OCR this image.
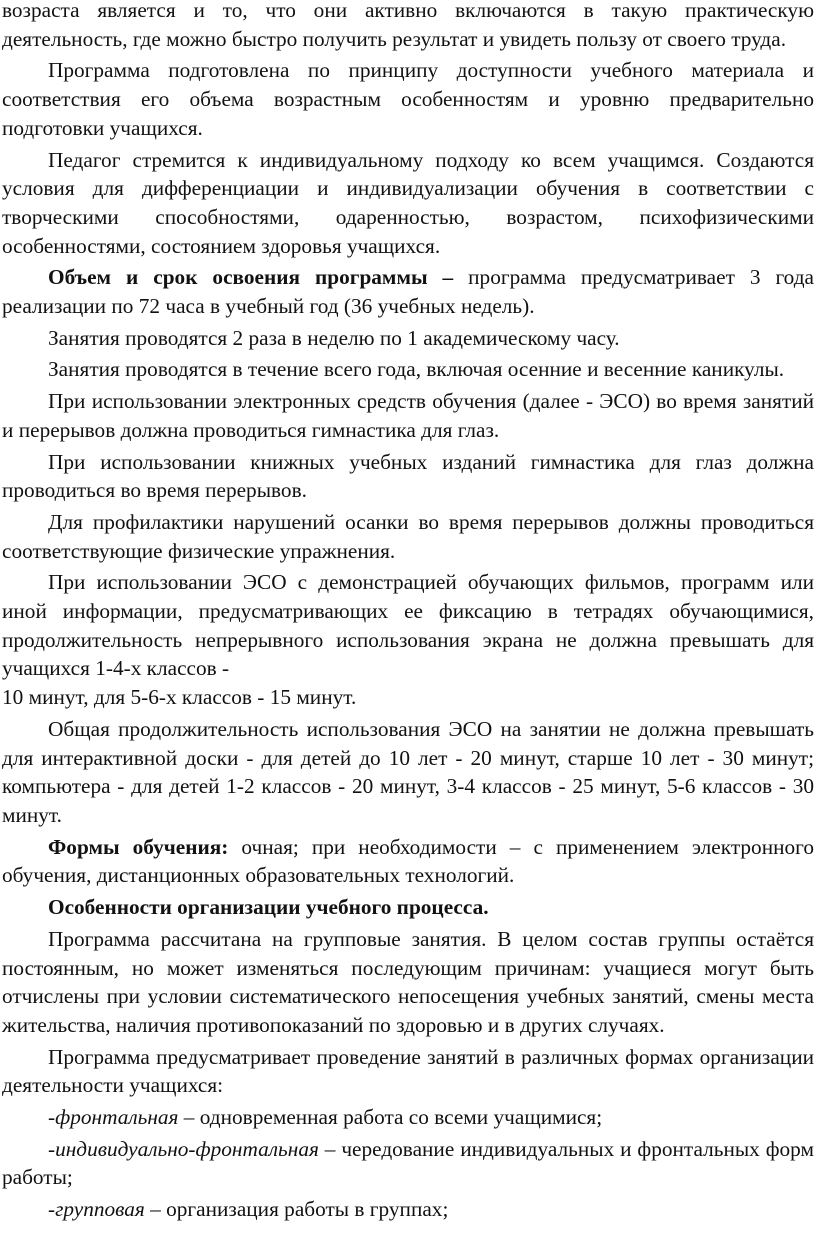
возраста является и то, что они активно включаются в такую практическую деятельность, где можно быстро получить результат и увидеть пользу от своего труда.

Программа подготовлена по принципу доступности учебного материала и соответствия его объема возрастным особенностям и уровню предварительно подготовки учащихся.

Педагог стремится к индивидуальному подходу ко всем учащимся. Создаются условия для дифференциации и индивидуализации обучения в соответствии с творческими способностями, одаренностью, возрастом, психофизическими особенностями, состоянием здоровья учащихся.

Объем и срок освоения программы – программа предусматривает 3 года реализации по 72 часа в учебный год (36 учебных недель).

Занятия проводятся 2 раза в неделю по 1 академическому часу.

Занятия проводятся в течение всего года, включая осенние и весенние каникулы.

При использовании электронных средств обучения (далее - ЭСО) во время занятий и перерывов должна проводиться гимнастика для глаз.

При использовании книжных учебных изданий гимнастика для глаз должна проводиться во время перерывов.

Для профилактики нарушений осанки во время перерывов должны проводиться соответствующие физические упражнения.

При использовании ЭСО с демонстрацией обучающих фильмов, программ или иной информации, предусматривающих ее фиксацию в тетрадях обучающимися, продолжительность непрерывного использования экрана не должна превышать для учащихся 1-4-х классов -
10 минут, для 5-6-х классов - 15 минут.

Общая продолжительность использования ЭСО на занятии не должна превышать для интерактивной доски - для детей до 10 лет - 20 минут, старше 10 лет - 30 минут; компьютера - для детей 1-2 классов - 20 минут, 3-4 классов - 25 минут, 5-6 классов - 30 минут.

Формы обучения: очная; при необходимости – с применением электронного обучения, дистанционных образовательных технологий.

Особенности организации учебного процесса.

Программа рассчитана на групповые занятия. В целом состав группы остаётся постоянным, но может изменяться последующим причинам: учащиеся могут быть отчислены при условии систематического непосещения учебных занятий, смены места жительства, наличия противопоказаний по здоровью и в других случаях.

Программа предусматривает проведение занятий в различных формах организации деятельности учащихся:

-фронтальная – одновременная работа со всеми учащимися;

-индивидуально-фронтальная – чередование индивидуальных и фронтальных форм работы;

-групповая – организация работы в группах;
